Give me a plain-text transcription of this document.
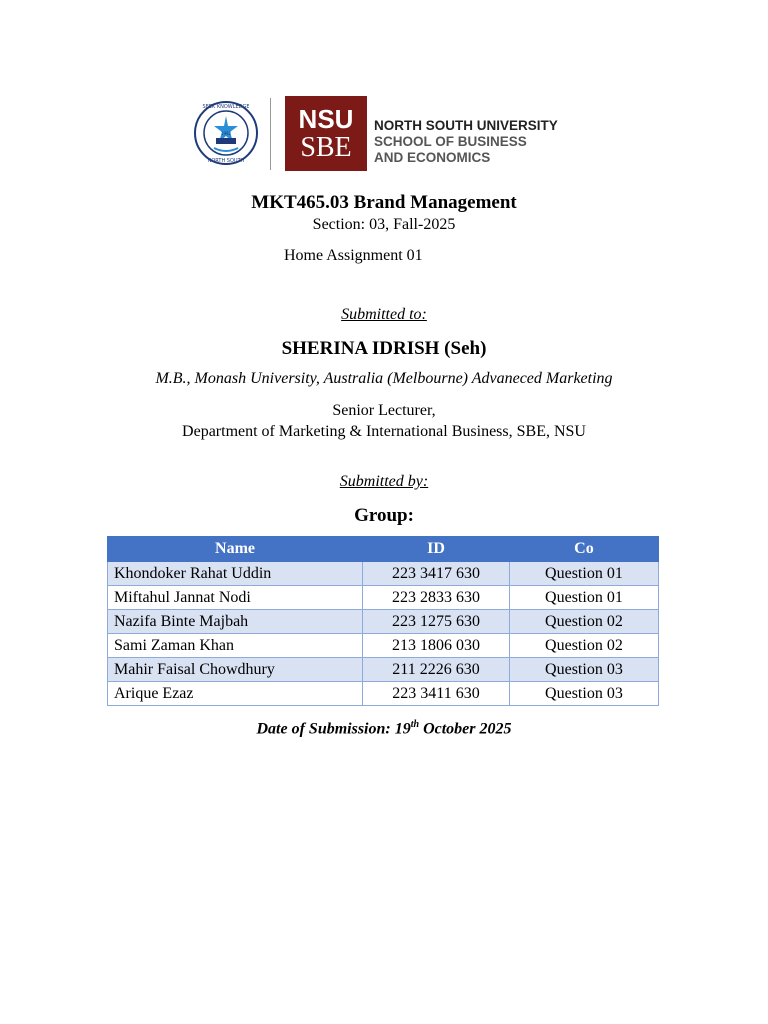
SEEK KNOWLEDGE
1992
NORTH SOUTH
NSU
SBE
NORTH SOUTH UNIVERSITY
SCHOOL OF BUSINESS
AND ECONOMICS
MKT465.03 Brand Management
Section: 03, Fall-2025
Home Assignment 01
Submitted to:
SHERINA IDRISH (Seh)
M.B., Monash University, Australia (Melbourne) Advaneced Marketing
Senior Lecturer,
Department of Marketing & International Business, SBE, NSU
Submitted by:
Group:
Name	ID	Co
Khondoker Rahat Uddin	223 3417 630	Question 01
Miftahul Jannat Nodi	223 2833 630	Question 01
Nazifa Binte Majbah	223 1275 630	Question 02
Sami Zaman Khan	213 1806 030	Question 02
Mahir Faisal Chowdhury	211 2226 630	Question 03
Arique Ezaz	223 3411 630	Question 03
Date of Submission: 19th October 2025
